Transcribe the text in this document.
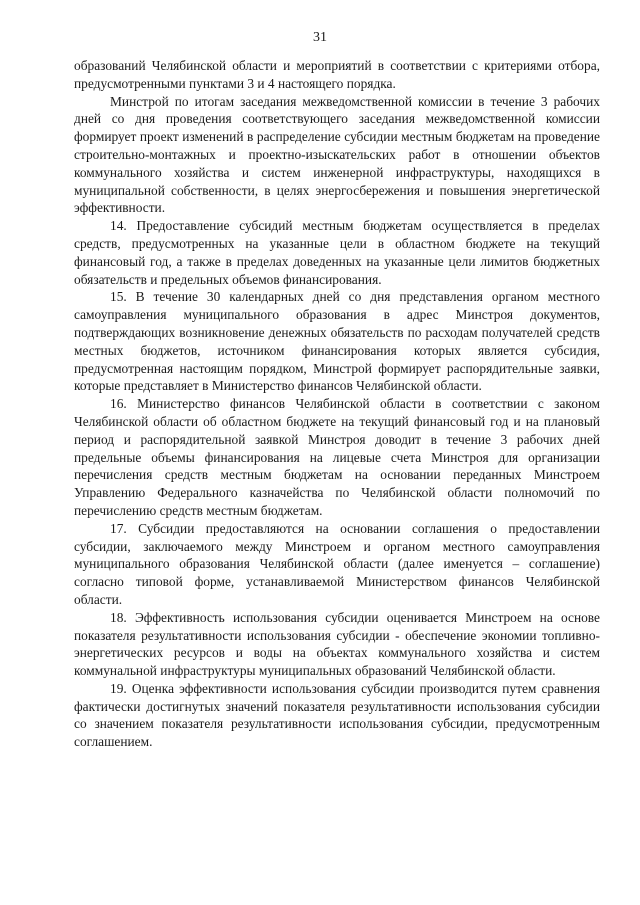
31

образований Челябинской области и мероприятий в соответствии с критериями отбора, предусмотренными пунктами 3 и 4 настоящего порядка.

Минстрой по итогам заседания межведомственной комиссии в течение 3 рабочих дней со дня проведения соответствующего заседания межведомственной комиссии формирует проект изменений в распределение субсидии местным бюджетам на проведение строительно-монтажных и проектно-изыскательских работ в отношении объектов коммунального хозяйства и систем инженерной инфраструктуры, находящихся в муниципальной собственности, в целях энергосбережения и повышения энергетической эффективности.

14. Предоставление субсидий местным бюджетам осуществляется в пределах средств, предусмотренных на указанные цели в областном бюджете на текущий финансовый год, а также в пределах доведенных на указанные цели лимитов бюджетных обязательств и предельных объемов финансирования.

15. В течение 30 календарных дней со дня представления органом местного самоуправления муниципального образования в адрес Минстроя документов, подтверждающих возникновение денежных обязательств по расходам получателей средств местных бюджетов, источником финансирования которых является субсидия, предусмотренная настоящим порядком, Минстрой формирует распорядительные заявки, которые представляет в Министерство финансов Челябинской области.

16. Министерство финансов Челябинской области в соответствии с законом Челябинской области об областном бюджете на текущий финансовый год и на плановый период и распорядительной заявкой Минстроя доводит в течение 3 рабочих дней предельные объемы финансирования на лицевые счета Минстроя для организации перечисления средств местным бюджетам на основании переданных Минстроем Управлению Федерального казначейства по Челябинской области полномочий по перечислению средств местным бюджетам.

17. Субсидии предоставляются на основании соглашения о предоставлении субсидии, заключаемого между Минстроем и органом местного самоуправления муниципального образования Челябинской области (далее именуется – соглашение) согласно типовой форме, устанавливаемой Министерством финансов Челябинской области.

18. Эффективность использования субсидии оценивается Минстроем на основе показателя результативности использования субсидии - обеспечение экономии топливно-энергетических ресурсов и воды на объектах коммунального хозяйства и систем коммунальной инфраструктуры муниципальных образований Челябинской области.

19. Оценка эффективности использования субсидии производится путем сравнения фактически достигнутых значений показателя результативности использования субсидии со значением показателя результативности использования субсидии, предусмотренным соглашением.
